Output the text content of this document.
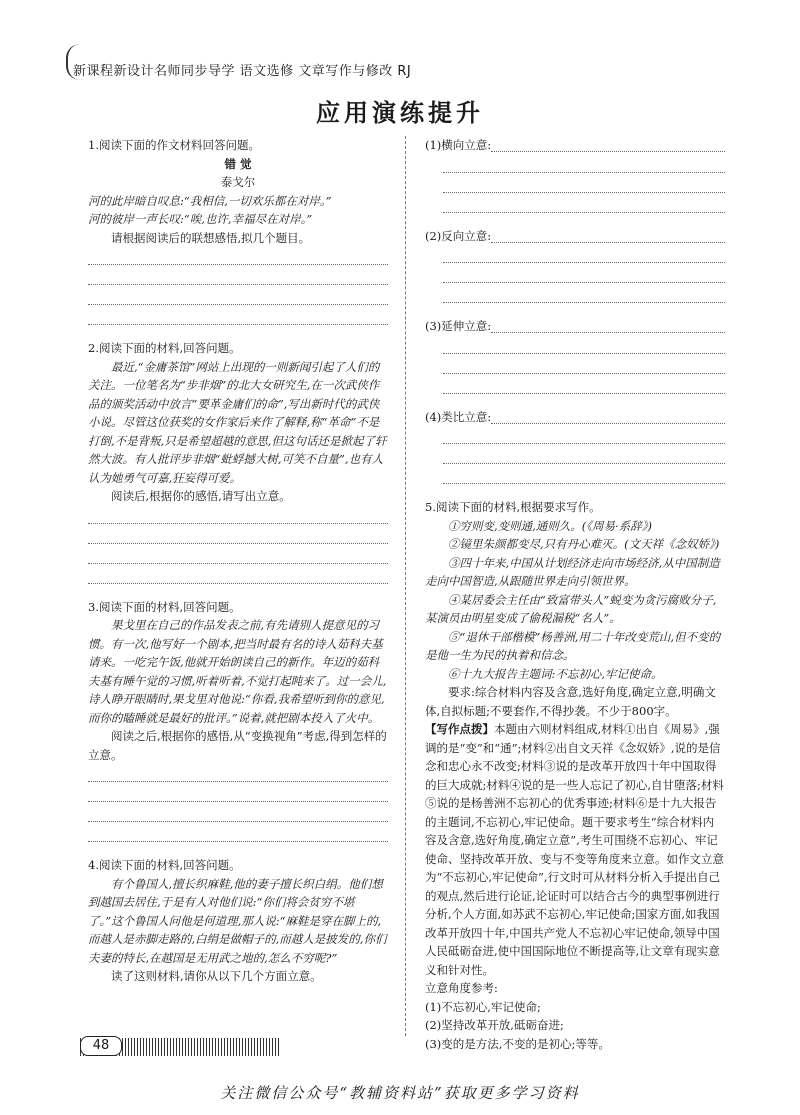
新课程新设计名师同步导学 语文选修 文章写作与修改 RJ
应用演练提升

1.阅读下面的作文材料回答问题。

错 觉

泰戈尔

河的此岸暗自叹息:“我相信,一切欢乐都在对岸。”

河的彼岸一声长叹:“唉,也许,幸福尽在对岸。”

请根据阅读后的联想感悟,拟几个题目。

2.阅读下面的材料,回答问题。

最近,“金庸茶馆”网站上出现的一则新闻引起了人们的关注。一位笔名为“步非烟”的北大女研究生,在一次武侠作品的颁奖活动中放言“要革金庸们的命”,写出新时代的武侠小说。尽管这位获奖的女作家后来作了解释,称“革命”不是打倒,不是背叛,只是希望超越的意思,但这句话还是掀起了轩然大波。有人批评步非烟“蚍蜉撼大树,可笑不自量”,也有人认为她勇气可嘉,狂妄得可爱。

阅读后,根据你的感悟,请写出立意。

3.阅读下面的材料,回答问题。

果戈里在自己的作品发表之前,有先请别人提意见的习惯。有一次,他写好一个剧本,把当时最有名的诗人茹科夫基请来。一吃完午饭,他就开始朗读自己的新作。年迈的茹科夫基有睡午觉的习惯,听着听着,不觉打起盹来了。过一会儿,诗人睁开眼睛时,果戈里对他说:“你看,我希望听到你的意见,而你的瞌睡就是最好的批评。”说着,就把剧本投入了火中。

阅读之后,根据你的感悟,从“变换视角”考虑,得到怎样的立意。

4.阅读下面的材料,回答问题。

有个鲁国人,擅长织麻鞋,他的妻子擅长织白绢。他们想到越国去居住,于是有人对他们说:“你们将会贫穷不堪了。”这个鲁国人问他是何道理,那人说:“麻鞋是穿在脚上的,而越人是赤脚走路的,白绢是做帽子的,而越人是披发的,你们夫妻的特长,在越国是无用武之地的,怎么不穷呢?”

读了这则材料,请你从以下几个方面立意。

(1)横向立意:

(2)反向立意:

(3)延伸立意:

(4)类比立意:

5.阅读下面的材料,根据要求写作。

①穷则变,变则通,通则久。(《周易·系辞》)

②镜里朱颜都变尽,只有丹心难灭。(文天祥《念奴娇》)

③四十年来,中国从计划经济走向市场经济,从中国制造走向中国智造,从跟随世界走向引领世界。

④某居委会主任由“致富带头人”蜕变为贪污腐败分子,某演员由明星变成了偷税漏税“名人”。

⑤“退休干部楷模”杨善洲,用二十年改变荒山,但不变的是他一生为民的执着和信念。

⑥十九大报告主题词:不忘初心,牢记使命。

要求:综合材料内容及含意,选好角度,确定立意,明确文体,自拟标题;不要套作,不得抄袭。不少于800字。

【写作点拨】本题由六则材料组成,材料①出自《周易》,强调的是“变”和“通”;材料②出自文天祥《念奴娇》,说的是信念和忠心永不改变;材料③说的是改革开放四十年中国取得的巨大成就;材料④说的是一些人忘记了初心,自甘堕落;材料⑤说的是杨善洲不忘初心的优秀事迹;材料⑥是十九大报告的主题词,不忘初心,牢记使命。题干要求考生“综合材料内容及含意,选好角度,确定立意”,考生可围绕不忘初心、牢记使命、坚持改革开放、变与不变等角度来立意。如作文立意为“不忘初心,牢记使命”,行文时可从材料分析入手提出自己的观点,然后进行论证,论证时可以结合古今的典型事例进行分析,个人方面,如苏武不忘初心,牢记使命;国家方面,如我国改革开放四十年,中国共产党人不忘初心牢记使命,领导中国人民砥砺奋进,使中国国际地位不断提高等,让文章有现实意义和针对性。

立意角度参考:

(1)不忘初心,牢记使命;

(2)坚持改革开放,砥砺奋进;

(3)变的是方法,不变的是初心;等等。

48
关注微信公众号“教辅资料站”获取更多学习资料
